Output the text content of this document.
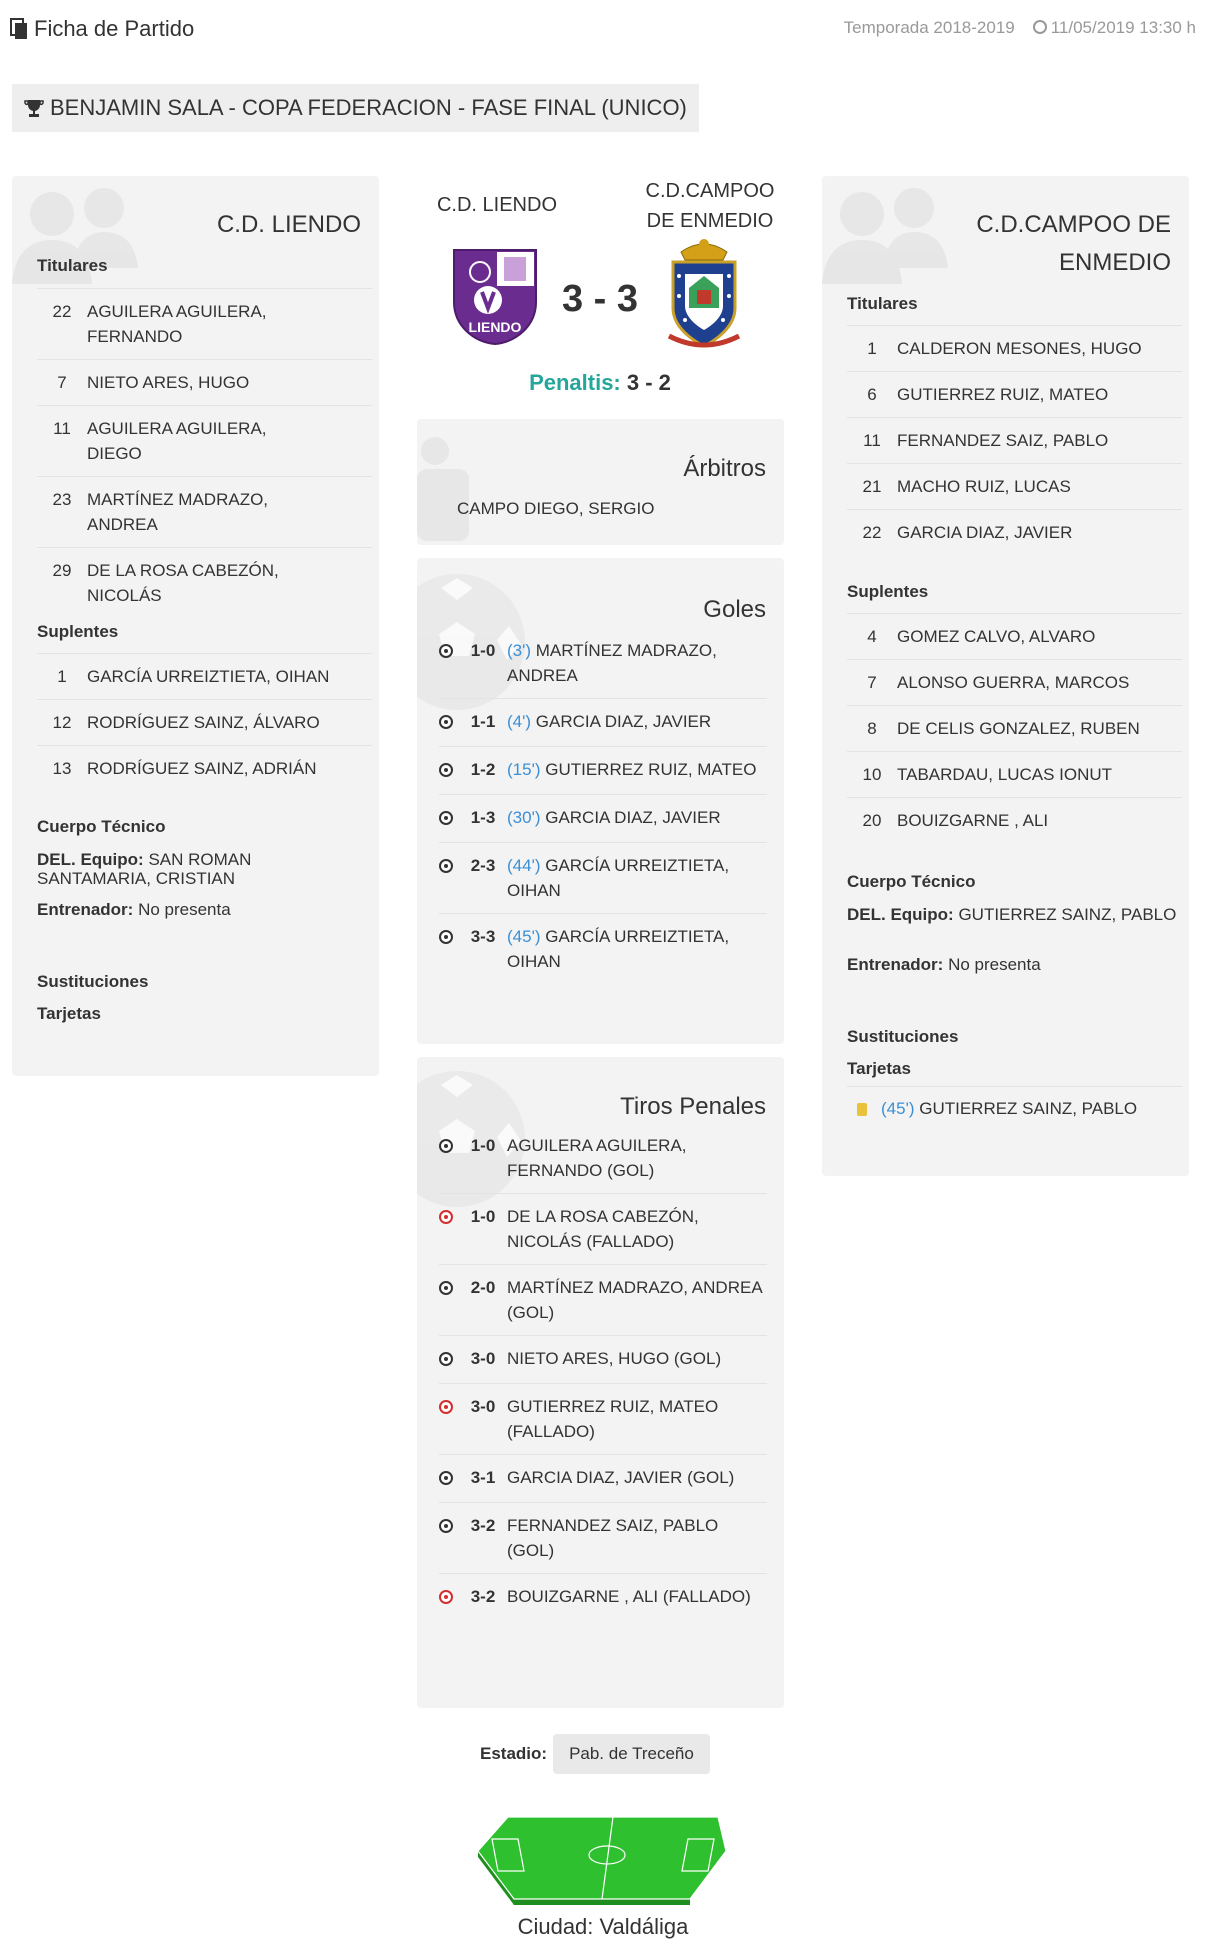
Ficha de Partido	Temporada 2018-2019	11/05/2019 13:30 h
BENJAMIN SALA - COPA FEDERACION - FASE FINAL (UNICO)
C.D. LIENDO
Titulares
22 AGUILERA AGUILERA, FERNANDO
7	NIETO ARES, HUGO
11 AGUILERA AGUILERA, DIEGO
23 MARTÍNEZ MADRAZO, ANDREA
29 DE LA ROSA CABEZÓN, NICOLÁS
Suplentes
1	GARCÍA URREIZTIETA, OIHAN
12 RODRÍGUEZ SAINZ, ÁLVARO
13 RODRÍGUEZ SAINZ, ADRIÁN
Cuerpo Técnico
DEL. Equipo: SAN ROMAN SANTAMARIA, CRISTIAN
Entrenador: No presenta
Sustituciones
Tarjetas
C.D. LIENDO
C.D.CAMPOO DE ENMEDIO
LIENDO
3 - 3
Penaltis: 3 - 2
Árbitros
CAMPO DIEGO, SERGIO
Goles
1-0 (3') MARTÍNEZ MADRAZO, ANDREA
1-1 (4') GARCIA DIAZ, JAVIER
1-2 (15') GUTIERREZ RUIZ, MATEO
1-3 (30') GARCIA DIAZ, JAVIER
2-3 (44') GARCÍA URREIZTIETA, OIHAN
3-3 (45') GARCÍA URREIZTIETA, OIHAN
Tiros Penales
1-0 AGUILERA AGUILERA, FERNANDO (GOL)
1-0 DE LA ROSA CABEZÓN, NICOLÁS (FALLADO)
2-0 MARTÍNEZ MADRAZO, ANDREA (GOL)
3-0 NIETO ARES, HUGO (GOL)
3-0 GUTIERREZ RUIZ, MATEO (FALLADO)
3-1 GARCIA DIAZ, JAVIER (GOL)
3-2 FERNANDEZ SAIZ, PABLO (GOL)
3-2 BOUIZGARNE , ALI (FALLADO)
C.D.CAMPOO DE ENMEDIO
Titulares
1	CALDERON MESONES, HUGO
6	GUTIERREZ RUIZ, MATEO
11 FERNANDEZ SAIZ, PABLO
21 MACHO RUIZ, LUCAS
22 GARCIA DIAZ, JAVIER
Suplentes
4	GOMEZ CALVO, ALVARO
7	ALONSO GUERRA, MARCOS
8	DE CELIS GONZALEZ, RUBEN
10 TABARDAU, LUCAS IONUT
20 BOUIZGARNE , ALI
Cuerpo Técnico
DEL. Equipo: GUTIERREZ SAINZ, PABLO
Entrenador: No presenta
Sustituciones
Tarjetas
(45')
GUTIERREZ SAINZ, PABLO
Estadio:	Pab. de Treceño
Ciudad: Valdáliga
